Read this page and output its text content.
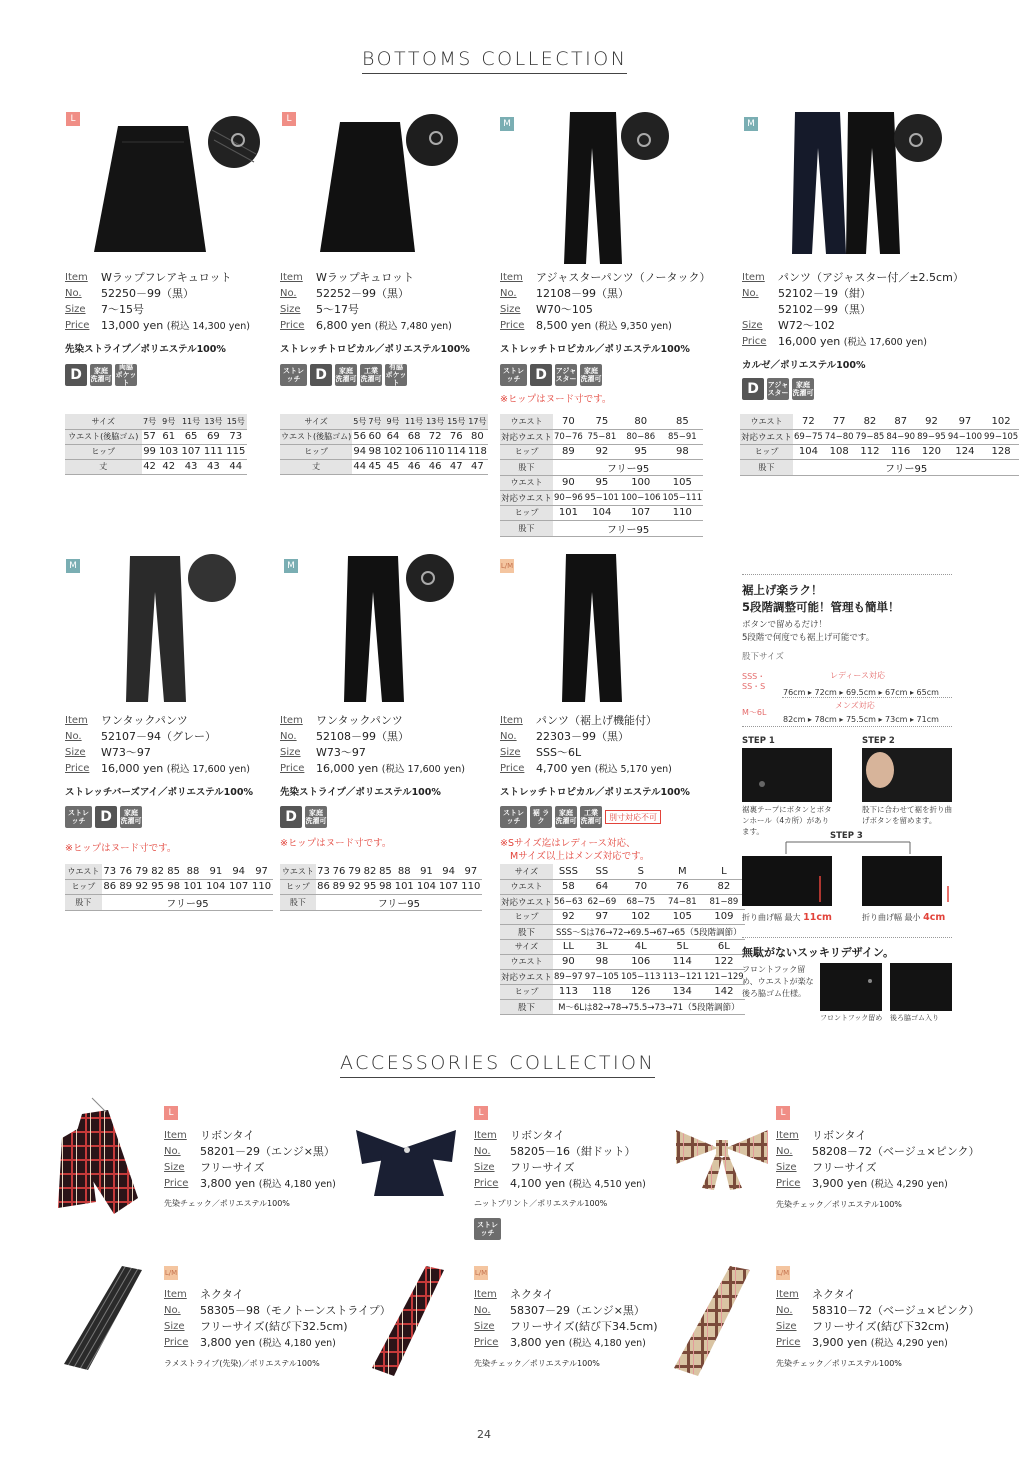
BOTTOMS COLLECTION
ACCESSORIES COLLECTION
L	L	M	M
Item	Wラップフレアキュロット
No.	52250－99（黒）
Size	7～15号
Price	13,000 yen (税込 14,300 yen)
先染ストライプ／ポリエステル100%
D	家庭 洗濯可
両脇 ポケット
Item	Wラップキュロット
No.	52252－99（黒）
Size	5～17号
Price	6,800 yen (税込 7,480 yen)
ストレッチトロピカル／ポリエステル100%
ストレッチ	D	家庭 洗濯可
工業 洗濯可
有脇 ポケット
Item	アジャスターパンツ（ノータック）
No.	12108－99（黒）
Size	W70～105
Price	8,500 yen (税込 9,350 yen)
ストレッチトロピカル／ポリエステル100%
ストレッチ	D	アジャ スター
家庭 洗濯可
※ヒップはヌード寸です。
Item	パンツ（アジャスター付／±2.5cm）
No.	52102－19（紺）
52102－99（黒）
Size	W72～102
Price	16,000 yen (税込 17,600 yen)
カルゼ／ポリエステル100%
D	アジャ スター
家庭 洗濯可
サイズ	7号	9号	11号	13号	15号
ウエスト(後脇ゴム)	57	61	65	69	73
ヒップ	99	103	107	111	115
丈	42	42	43	43	44
サイズ	5号	7号	9号	11号	13号	15号	17号
ウエスト(後脇ゴム)	56	60	64	68	72	76	80
ヒップ	94	98	102	106	110	114	118
丈	44	45	45	46	46	47	47
ウエスト	70	75	80	85
対応ウエスト	70−76	75−81	80−86	85−91
ヒップ	89	92	95	98
股下	フリー95			
ウエスト	90	95	100	105
対応ウエスト	90−96	95−101	100−106	105−111
ヒップ	101	104	107	110
股下	フリー95			
ウエスト	72	77	82	87	92	97	102
対応ウエスト	69−75	74−80	79−85	84−90	89−95	94−100	99−105
ヒップ	104	108	112	116	120	124	128
股下	フリー95						
M	M	L/M
Item	ワンタックパンツ
No.	52107－94（グレー）
Size	W73～97
Price	16,000 yen (税込 17,600 yen)
ストレッチバーズアイ／ポリエステル100%
ストレッチ	D	家庭 洗濯可
※ヒップはヌード寸です。
Item	ワンタックパンツ
No.	52108－99（黒）
Size	W73～97
Price	16,000 yen (税込 17,600 yen)
先染ストライプ／ポリエステル100%
D	家庭 洗濯可
※ヒップはヌード寸です。
Item	パンツ（裾上げ機能付）
No.	22303－99（黒）
Size	SSS～6L
Price	4,700 yen (税込 5,170 yen)
ストレッチトロピカル／ポリエステル100%
ストレッチ
裾 ラク
家庭 洗濯可
工業 洗濯可 別寸対応不可
※Sサイズ迄はレディース対応、
Mサイズ以上はメンズ対応です。
ウエスト	73	76	79	82	85	88	91	94	97
ヒップ	86	89	92	95	98	101	104	107	110
股下	フリー95								
ウエスト	73	76	79	82	85	88	91	94	97
ヒップ	86	89	92	95	98	101	104	107	110
股下	フリー95								
サイズ	SSS	SS	S	M	L
ウエスト	58	64	70	76	82
対応ウエスト	56−63	62−69	68−75	74−81	81−89
ヒップ	92	97	102	105	109
股下	SSS～Sは76→72→69.5→67→65（5段階調節）				
サイズ	LL	3L	4L	5L	6L
ウエスト	90	98	106	114	122
対応ウエスト	89−97	97−105	105−113	113−121	121−129
ヒップ	113	118	126	134	142
股下	M～6Lは82→78→75.5→73→71（5段階調節）				
裾上げ楽ラク！
5段階調整可能！管理も簡単！
ボタンで留めるだけ！
5段階で何度でも裾上げ可能です。
股下サイズ
SSS・SS・S
レディース対応
76cm ▸ 72cm ▸ 69.5cm ▸ 67cm ▸ 65cm
M～6L
メンズ対応
82cm ▸ 78cm ▸ 75.5cm ▸ 73cm ▸ 71cm
STEP 1	STEP 2
裾裏テープにボタンとボタンホール（4カ所）があります。
股下に合わせて裾を折り曲げボタンを留めます。
STEP 3
折り曲げ幅 最大 11cm	折り曲げ幅 最小 4cm
無駄がないスッキリデザイン。
フロントフック留め、ウエストが楽な後ろ脇ゴム仕様。
フロントフック留め 後ろ脇ゴム入り
L
Item	リボンタイ
No.	58201－29（エンジ×黒）
Size	フリーサイズ
Price	3,800 yen (税込 4,180 yen)
先染チェック／ポリエステル100%
L
Item	リボンタイ
No.	58205－16（紺ドット）
Size	フリーサイズ
Price	4,100 yen (税込 4,510 yen)
ニットプリント／ポリエステル100%
ストレッチ
L
Item	リボンタイ
No.	58208－72（ベージュ×ピンク）
Size	フリーサイズ
Price	3,900 yen (税込 4,290 yen)
先染チェック／ポリエステル100%
L/M
Item	ネクタイ
No.	58305－98（モノトーンストライプ）
Size	フリーサイズ(結び下32.5cm)
Price	3,800 yen (税込 4,180 yen)
ラメストライプ(先染)／ポリエステル100%
L/M
Item	ネクタイ
No.	58307－29（エンジ×黒）
Size	フリーサイズ(結び下34.5cm)
Price	3,800 yen (税込 4,180 yen)
先染チェック／ポリエステル100%
L/M
Item	ネクタイ
No.	58310－72（ベージュ×ピンク）
Size	フリーサイズ(結び下32cm)
Price	3,900 yen (税込 4,290 yen)
先染チェック／ポリエステル100%
24
